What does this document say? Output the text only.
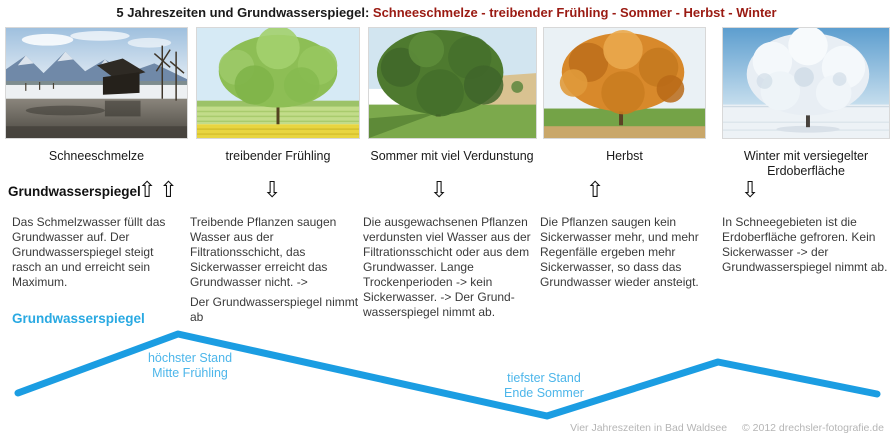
5 Jahreszeiten und Grundwasserspiegel: Schneeschmelze - treibender Frühling - Sommer - Herbst - Winter
Schneeschmelze	treibender Frühling	Sommer mit viel Verdunstung	Herbst	Winter mit versiegelter Erdoberfläche
Grundwasserspiegel
⇧⇧	⇩	⇩	⇧	⇩

Das Schmelzwasser füllt das Grundwasser auf. Der Grundwasserspiegel steigt rasch an und erreicht sein Maximum.

Treibende Pflanzen saugen Wasser aus der Filtrationsschicht, das Sickerwasser erreicht das Grundwasser nicht. ->

Der Grundwasserspiegel nimmt ab

Die ausgewachsenen Pflanzen verdunsten viel Wasser aus der Filtrationsschicht oder aus dem Grundwasser. Lange Trockenperioden -> kein Sickerwasser. -> Der Grund- wasserspiegel nimmt ab.

Die Pflanzen saugen kein Sickerwasser mehr, und mehr Regenfälle ergeben mehr Sickerwasser, so dass das Grundwasser wieder ansteigt.

In Schneegebieten ist die Erdoberfläche gefroren. Kein Sickerwasser -> der Grundwasserspiegel nimmt ab.

Grundwasserspiegel
höchster Stand
Mitte Frühling	tiefster Stand
Ende Sommer
Vier Jahreszeiten in Bad Waldsee © 2012 drechsler-fotografie.de
